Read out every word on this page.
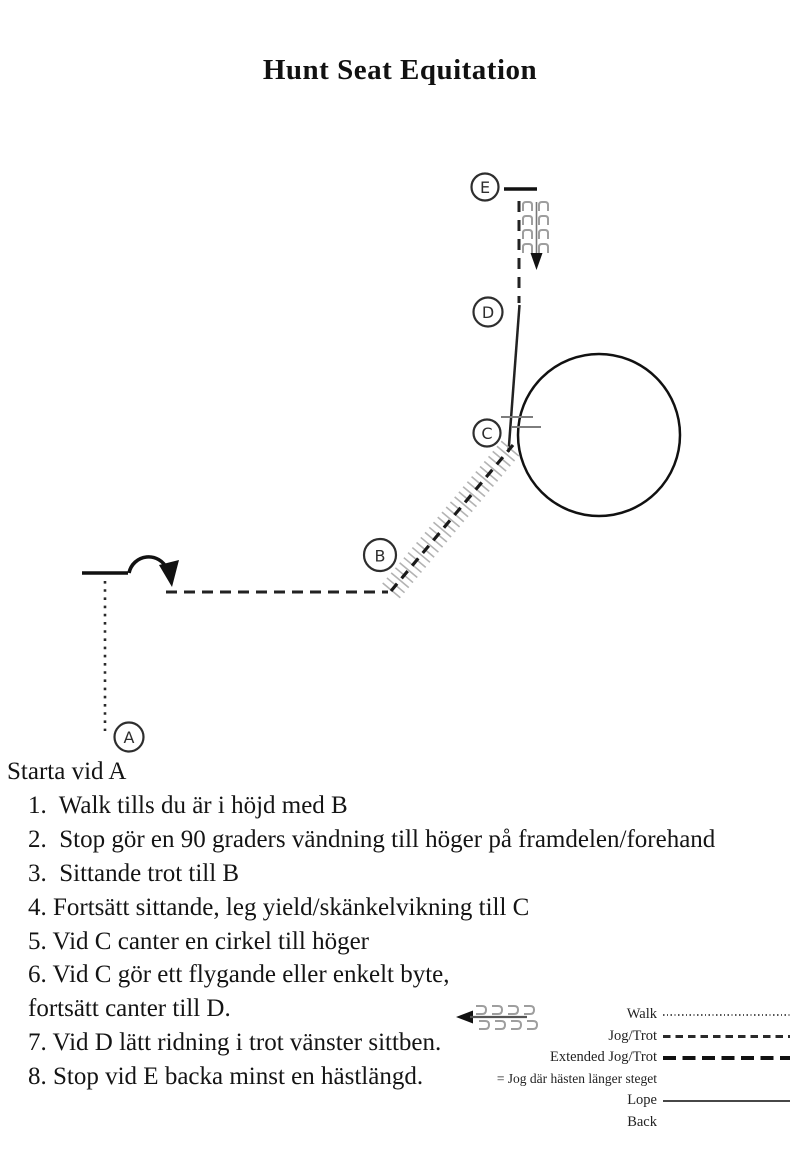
Hunt Seat Equitation
E
D
C
B
A
Starta vid A
1.  Walk tills du är i höjd med B
2.  Stop gör en 90 graders vändning till höger på framdelen/forehand
3.  Sittande trot till B
4. Fortsätt sittande, leg yield/skänkelvikning till C
5. Vid C canter en cirkel till höger
6. Vid C gör ett flygande eller enkelt byte,
fortsätt canter till D.
7. Vid D lätt ridning i trot vänster sittben.
8. Stop vid E backa minst en hästlängd.
Walk
Jog/Trot
Extended Jog/Trot
= Jog där hästen länger steget
Lope
Back
